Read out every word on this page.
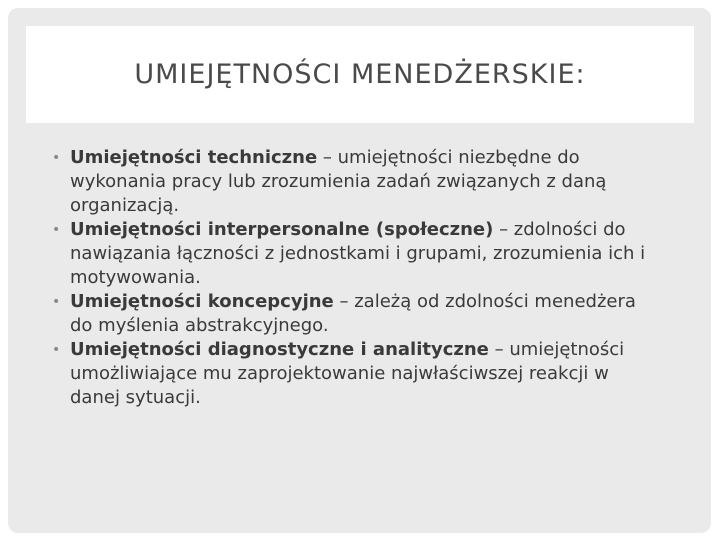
UMIEJĘTNOŚCI MENEDŻERSKIE:
• Umiejętności techniczne – umiejętności niezbędne do wykonania pracy lub zrozumienia zadań związanych z daną organizacją.
• Umiejętności interpersonalne (społeczne) – zdolności do nawiązania łączności z jednostkami i grupami, zrozumienia ich i motywowania.
• Umiejętności koncepcyjne – zależą od zdolności menedżera do myślenia abstrakcyjnego.
• Umiejętności diagnostyczne i analityczne – umiejętności umożliwiające mu zaprojektowanie najwłaściwszej reakcji w danej sytuacji.
